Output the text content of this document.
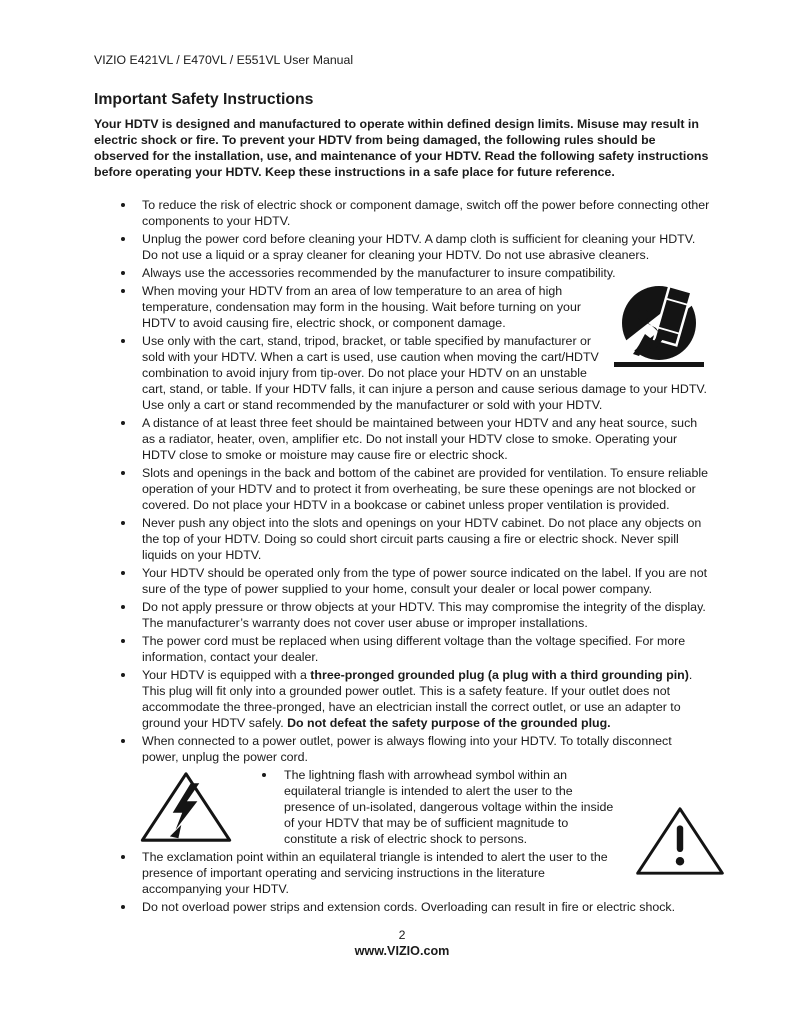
VIZIO E421VL / E470VL / E551VL User Manual
Important Safety Instructions

Your HDTV is designed and manufactured to operate within defined design limits. Misuse may result in electric shock or fire. To prevent your HDTV from being damaged, the following rules should be observed for the installation, use, and maintenance of your HDTV. Read the following safety instructions before operating your HDTV. Keep these instructions in a safe place for future reference.

To reduce the risk of electric shock or component damage, switch off the power before connecting other components to your HDTV.
Unplug the power cord before cleaning your HDTV. A damp cloth is sufficient for cleaning your HDTV. Do not use a liquid or a spray cleaner for cleaning your HDTV. Do not use abrasive cleaners.
Always use the accessories recommended by the manufacturer to insure compatibility.
When moving your HDTV from an area of low temperature to an area of high temperature, condensation may form in the housing. Wait before turning on your HDTV to avoid causing fire, electric shock, or component damage.
Use only with the cart, stand, tripod, bracket, or table specified by manufacturer or sold with your HDTV. When a cart is used, use caution when moving the cart/HDTV combination to avoid injury from tip-over. Do not place your HDTV on an unstable cart, stand, or table. If your HDTV falls, it can injure a person and cause serious damage to your HDTV. Use only a cart or stand recommended by the manufacturer or sold with your HDTV.
A distance of at least three feet should be maintained between your HDTV and any heat source, such as a radiator, heater, oven, amplifier etc. Do not install your HDTV close to smoke. Operating your HDTV close to smoke or moisture may cause fire or electric shock.
Slots and openings in the back and bottom of the cabinet are provided for ventilation. To ensure reliable operation of your HDTV and to protect it from overheating, be sure these openings are not blocked or covered. Do not place your HDTV in a bookcase or cabinet unless proper ventilation is provided.
Never push any object into the slots and openings on your HDTV cabinet. Do not place any objects on the top of your HDTV. Doing so could short circuit parts causing a fire or electric shock. Never spill liquids on your HDTV.
Your HDTV should be operated only from the type of power source indicated on the label. If you are not sure of the type of power supplied to your home, consult your dealer or local power company.
Do not apply pressure or throw objects at your HDTV. This may compromise the integrity of the display. The manufacturer’s warranty does not cover user abuse or improper installations.
The power cord must be replaced when using different voltage than the voltage specified. For more information, contact your dealer.
Your HDTV is equipped with a three-pronged grounded plug (a plug with a third grounding pin). This plug will fit only into a grounded power outlet. This is a safety feature. If your outlet does not accommodate the three-pronged, have an electrician install the correct outlet, or use an adapter to ground your HDTV safely. Do not defeat the safety purpose of the grounded plug.
When connected to a power outlet, power is always flowing into your HDTV. To totally disconnect power, unplug the power cord.
The lightning flash with arrowhead symbol within an equilateral triangle is intended to alert the user to the presence of un-isolated, dangerous voltage within the inside of your HDTV that may be of sufficient magnitude to constitute a risk of electric shock to persons.
The exclamation point within an equilateral triangle is intended to alert the user to the presence of important operating and servicing instructions in the literature accompanying your HDTV.
Do not overload power strips and extension cords. Overloading can result in fire or electric shock.
2
www.VIZIO.com
